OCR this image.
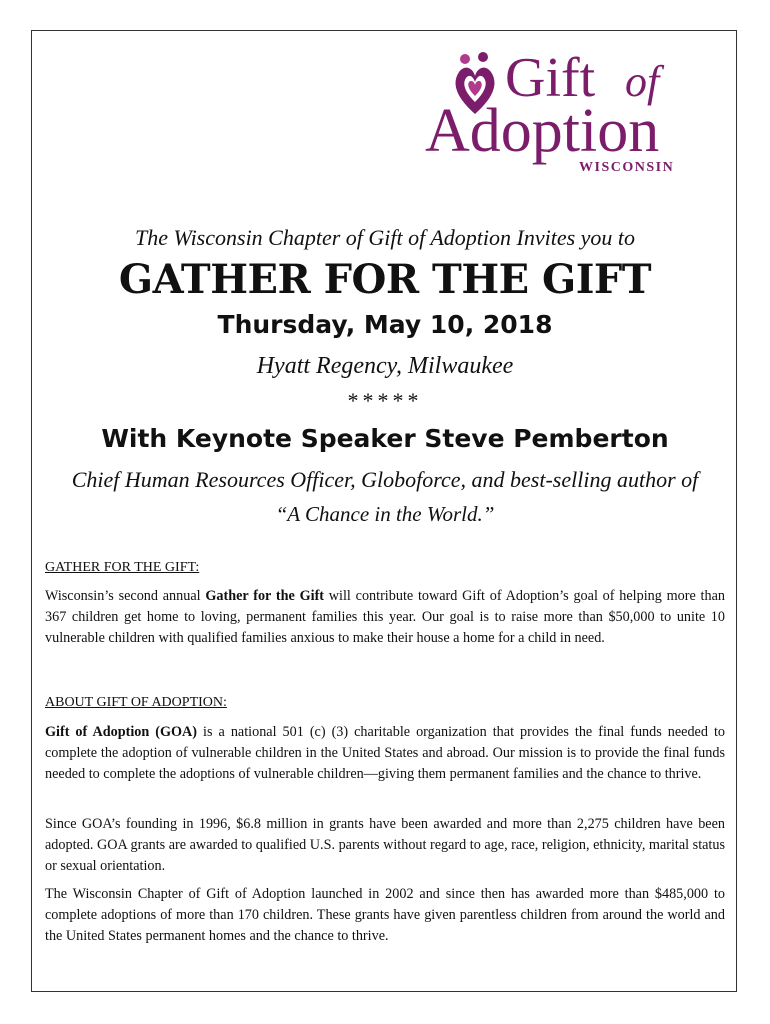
Gift of
Adoption
WISCONSIN
The Wisconsin Chapter of Gift of Adoption Invites you to
GATHER FOR THE GIFT
Thursday, May 10, 2018
Hyatt Regency, Milwaukee
*****
With Keynote Speaker Steve Pemberton
Chief Human Resources Officer, Globoforce, and best-selling author of
“A Chance in the World.”
GATHER FOR THE GIFT:

Wisconsin’s second annual Gather for the Gift will contribute toward Gift of Adoption’s goal of helping more than 367 children get home to loving, permanent families this year. Our goal is to raise more than $50,000 to unite 10 vulnerable children with qualified families anxious to make their house a home for a child in need.

ABOUT GIFT OF ADOPTION:

Gift of Adoption (GOA) is a national 501 (c) (3) charitable organization that provides the final funds needed to complete the adoption of vulnerable children in the United States and abroad. Our mission is to provide the final funds needed to complete the adoptions of vulnerable children—giving them permanent families and the chance to thrive.

Since GOA’s founding in 1996, $6.8 million in grants have been awarded and more than 2,275 children have been adopted. GOA grants are awarded to qualified U.S. parents without regard to age, race, religion, ethnicity, marital status or sexual orientation.

The Wisconsin Chapter of Gift of Adoption launched in 2002 and since then has awarded more than $485,000 to complete adoptions of more than 170 children. These grants have given parentless children from around the world and the United States permanent homes and the chance to thrive.
